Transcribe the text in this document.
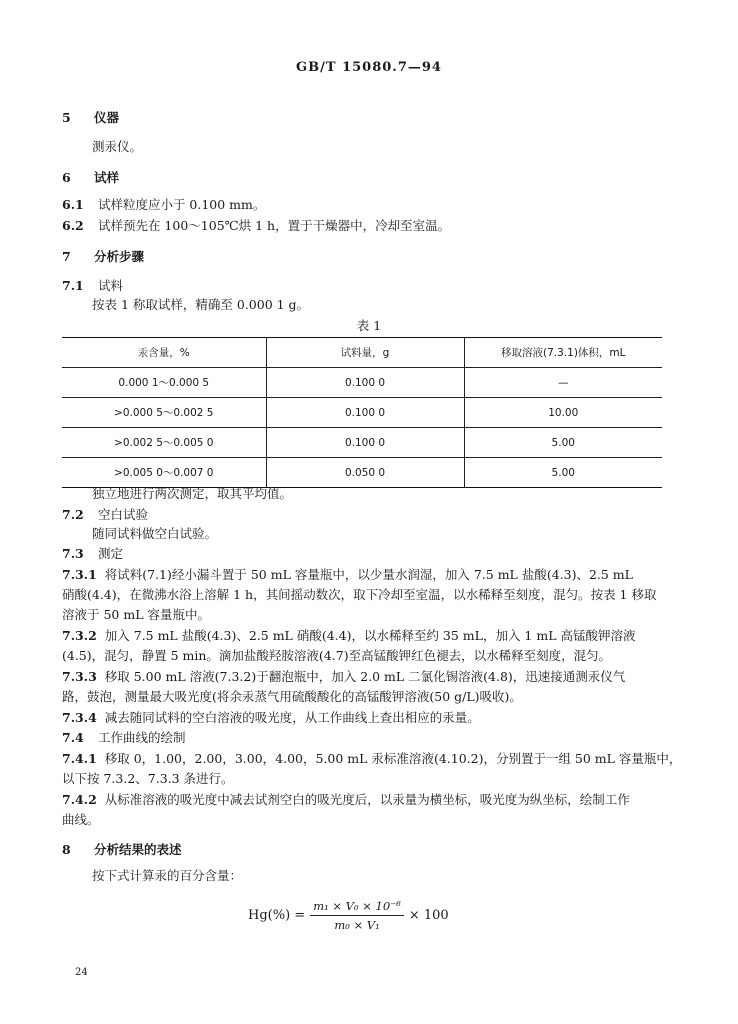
GB/T 15080.7—94
5 仪器
测汞仪。
6 试样
6.1 试样粒度应小于 0.100 mm。
6.2 试样预先在 100～105℃烘 1 h，置于干燥器中，冷却至室温。
7 分析步骤
7.1 试料
按表 1 称取试样，精确至 0.000 1 g。
表 1
汞含量，%	试料量，g	移取溶液(7.3.1)体积，mL
0.000 1～0.000 5	0.100 0	—
>0.000 5～0.002 5	0.100 0	10.00
>0.002 5～0.005 0	0.100 0	5.00
>0.005 0～0.007 0	0.050 0	5.00
独立地进行两次测定，取其平均值。
7.2 空白试验
随同试料做空白试验。
7.3 测定
7.3.1 将试料(7.1)经小漏斗置于 50 mL 容量瓶中，以少量水润湿，加入 7.5 mL 盐酸(4.3)、2.5 mL
硝酸(4.4)，在微沸水浴上溶解 1 h，其间摇动数次，取下冷却至室温，以水稀释至刻度，混匀。按表 1 移取
溶液于 50 mL 容量瓶中。
7.3.2 加入 7.5 mL 盐酸(4.3)、2.5 mL 硝酸(4.4)，以水稀释至约 35 mL，加入 1 mL 高锰酸钾溶液
(4.5)，混匀，静置 5 min。滴加盐酸羟胺溶液(4.7)至高锰酸钾红色褪去，以水稀释至刻度，混匀。
7.3.3 移取 5.00 mL 溶液(7.3.2)于翻泡瓶中，加入 2.0 mL 二氯化锡溶液(4.8)，迅速接通测汞仪气
路，鼓泡，测量最大吸光度(将余汞蒸气用硫酸酸化的高锰酸钾溶液(50 g/L)吸收)。
7.3.4 减去随同试料的空白溶液的吸光度，从工作曲线上查出相应的汞量。
7.4 工作曲线的绘制
7.4.1 移取 0，1.00，2.00，3.00，4.00，5.00 mL 汞标准溶液(4.10.2)，分别置于一组 50 mL 容量瓶中，
以下按 7.3.2、7.3.3 条进行。
7.4.2 从标准溶液的吸光度中减去试剂空白的吸光度后，以汞量为横坐标，吸光度为纵坐标，绘制工作
曲线。
8 分析结果的表述
按下式计算汞的百分含量：
$Hg(\%) = \frac{\text{m₁ × V₀ × 10⁻⁶}}{\text{m₀ × V₁}} \times 100$
24
